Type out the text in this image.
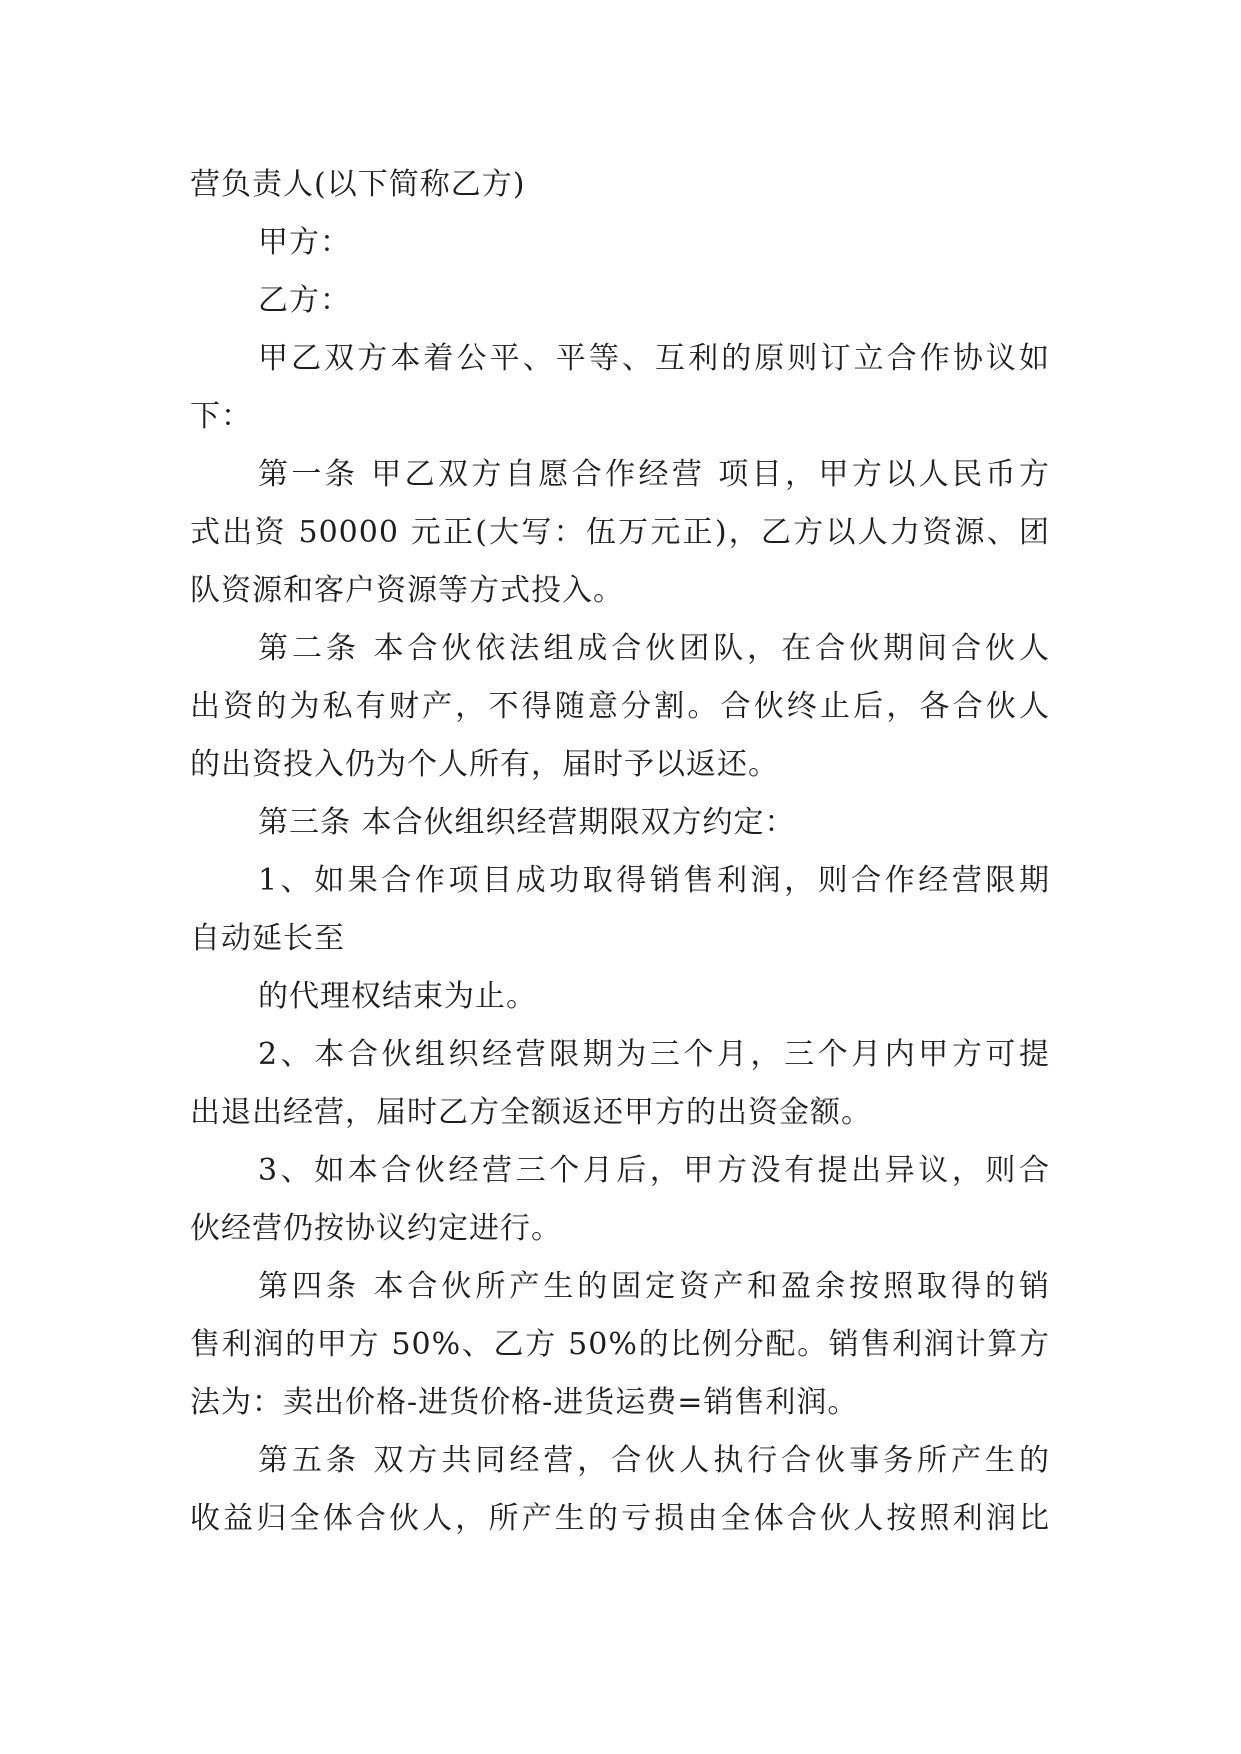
营负责人(以下简称乙方)
甲方：
乙方：
甲乙双方本着公平、平等、互利的原则订立合作协议如
下：
第一条 甲乙双方自愿合作经营 项目，甲方以人民币方
式出资 50000 元正(大写：伍万元正)，乙方以人力资源、团
队资源和客户资源等方式投入。
第二条 本合伙依法组成合伙团队，在合伙期间合伙人
出资的为私有财产，不得随意分割。合伙终止后，各合伙人
的出资投入仍为个人所有，届时予以返还。
第三条 本合伙组织经营期限双方约定：
1、如果合作项目成功取得销售利润，则合作经营限期
自动延长至
的代理权结束为止。
2、本合伙组织经营限期为三个月，三个月内甲方可提
出退出经营，届时乙方全额返还甲方的出资金额。
3、如本合伙经营三个月后，甲方没有提出异议，则合
伙经营仍按协议约定进行。
第四条 本合伙所产生的固定资产和盈余按照取得的销
售利润的甲方 50%、乙方 50%的比例分配。销售利润计算方
法为：卖出价格-进货价格-进货运费=销售利润。
第五条 双方共同经营，合伙人执行合伙事务所产生的
收益归全体合伙人，所产生的亏损由全体合伙人按照利润比
